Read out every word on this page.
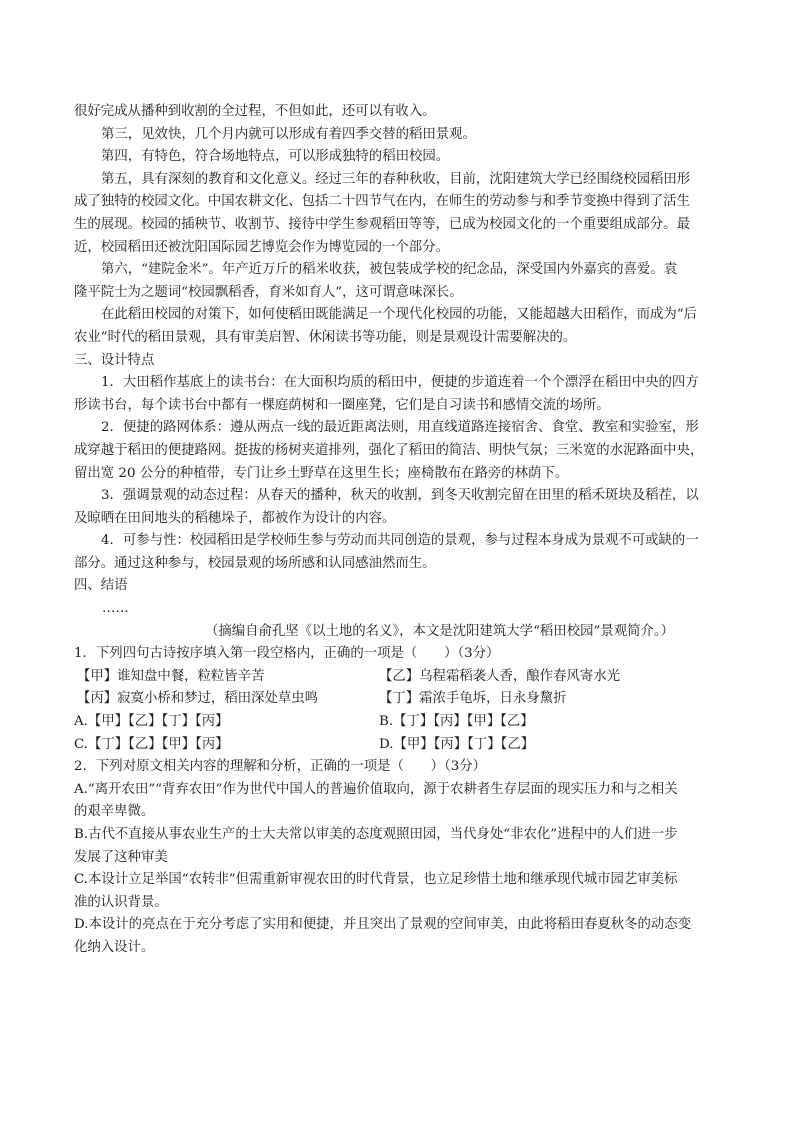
很好完成从播种到收割的全过程，不但如此，还可以有收入。
第三，见效快，几个月内就可以形成有着四季交替的稻田景观。
第四，有特色，符合场地特点，可以形成独特的稻田校园。
第五，具有深刻的教育和文化意义。经过三年的春种秋收，目前，沈阳建筑大学已经围绕校园稻田形
成了独特的校园文化。中国农耕文化、包括二十四节气在内，在师生的劳动参与和季节变换中得到了活生
生的展现。校园的插秧节、收割节、接待中学生参观稻田等等，已成为校园文化的一个重要组成部分。最
近，校园稻田还被沈阳国际园艺博览会作为博览园的一个部分。
第六，“建院金米”。年产近万斤的稻米收获，被包装成学校的纪念品，深受国内外嘉宾的喜爱。袁
隆平院士为之题词“校园飘稻香，育米如育人”，这可谓意味深长。
在此稻田校园的对策下，如何使稻田既能满足一个现代化校园的功能，又能超越大田稻作，而成为“后
农业”时代的稻田景观，具有审美启智、休闲读书等功能，则是景观设计需要解决的。
三、设计特点
1．大田稻作基底上的读书台：在大面积均质的稻田中，便捷的步道连着一个个漂浮在稻田中央的四方
形读书台，每个读书台中都有一棵庭荫树和一圈座凳，它们是自习读书和感情交流的场所。
2．便捷的路网体系：遵从两点一线的最近距离法则，用直线道路连接宿舍、食堂、教室和实验室，形
成穿越于稻田的便捷路网。挺拔的杨树夹道排列，强化了稻田的简洁、明快气氛；三米宽的水泥路面中央，
留出宽 20 公分的种植带，专门让乡土野草在这里生长；座椅散布在路旁的林荫下。
3．强调景观的动态过程：从春天的播种，秋天的收割，到冬天收割完留在田里的稻禾斑块及稻茬，以
及晾晒在田间地头的稻穗垛子，都被作为设计的内容。
4．可参与性：校园稻田是学校师生参与劳动而共同创造的景观，参与过程本身成为景观不可或缺的一
部分。通过这种参与，校园景观的场所感和认同感油然而生。
四、结语
……
（摘编自俞孔坚《以土地的名义》，本文是沈阳建筑大学“稻田校园”景观简介。）
1．下列四句古诗按序填入第一段空格内，正确的一项是（　　）（3分）
【甲】谁知盘中餐，粒粒皆辛苦	【乙】乌程霜稻袭人香，酿作春风寄水光
【丙】寂寞小桥和梦过，稻田深处草虫鸣	【丁】霜浓手龟坼，日永身黧折
A.【甲】【乙】【丁】【丙】	B.【丁】【丙】【甲】【乙】
C.【丁】【乙】【甲】【丙】	D.【甲】【丙】【丁】【乙】
2．下列对原文相关内容的理解和分析，正确的一项是（　　）（3分）
A.“离开农田”“背弃农田”作为世代中国人的普遍价值取向，源于农耕者生存层面的现实压力和与之相关
的艰辛卑微。
B.古代不直接从事农业生产的士大夫常以审美的态度观照田园，当代身处“非农化”进程中的人们进一步
发展了这种审美
C.本设计立足举国“农转非”但需重新审视农田的时代背景，也立足珍惜土地和继承现代城市园艺审美标
准的认识背景。
D.本设计的亮点在于充分考虑了实用和便捷，并且突出了景观的空间审美，由此将稻田春夏秋冬的动态变
化纳入设计。
